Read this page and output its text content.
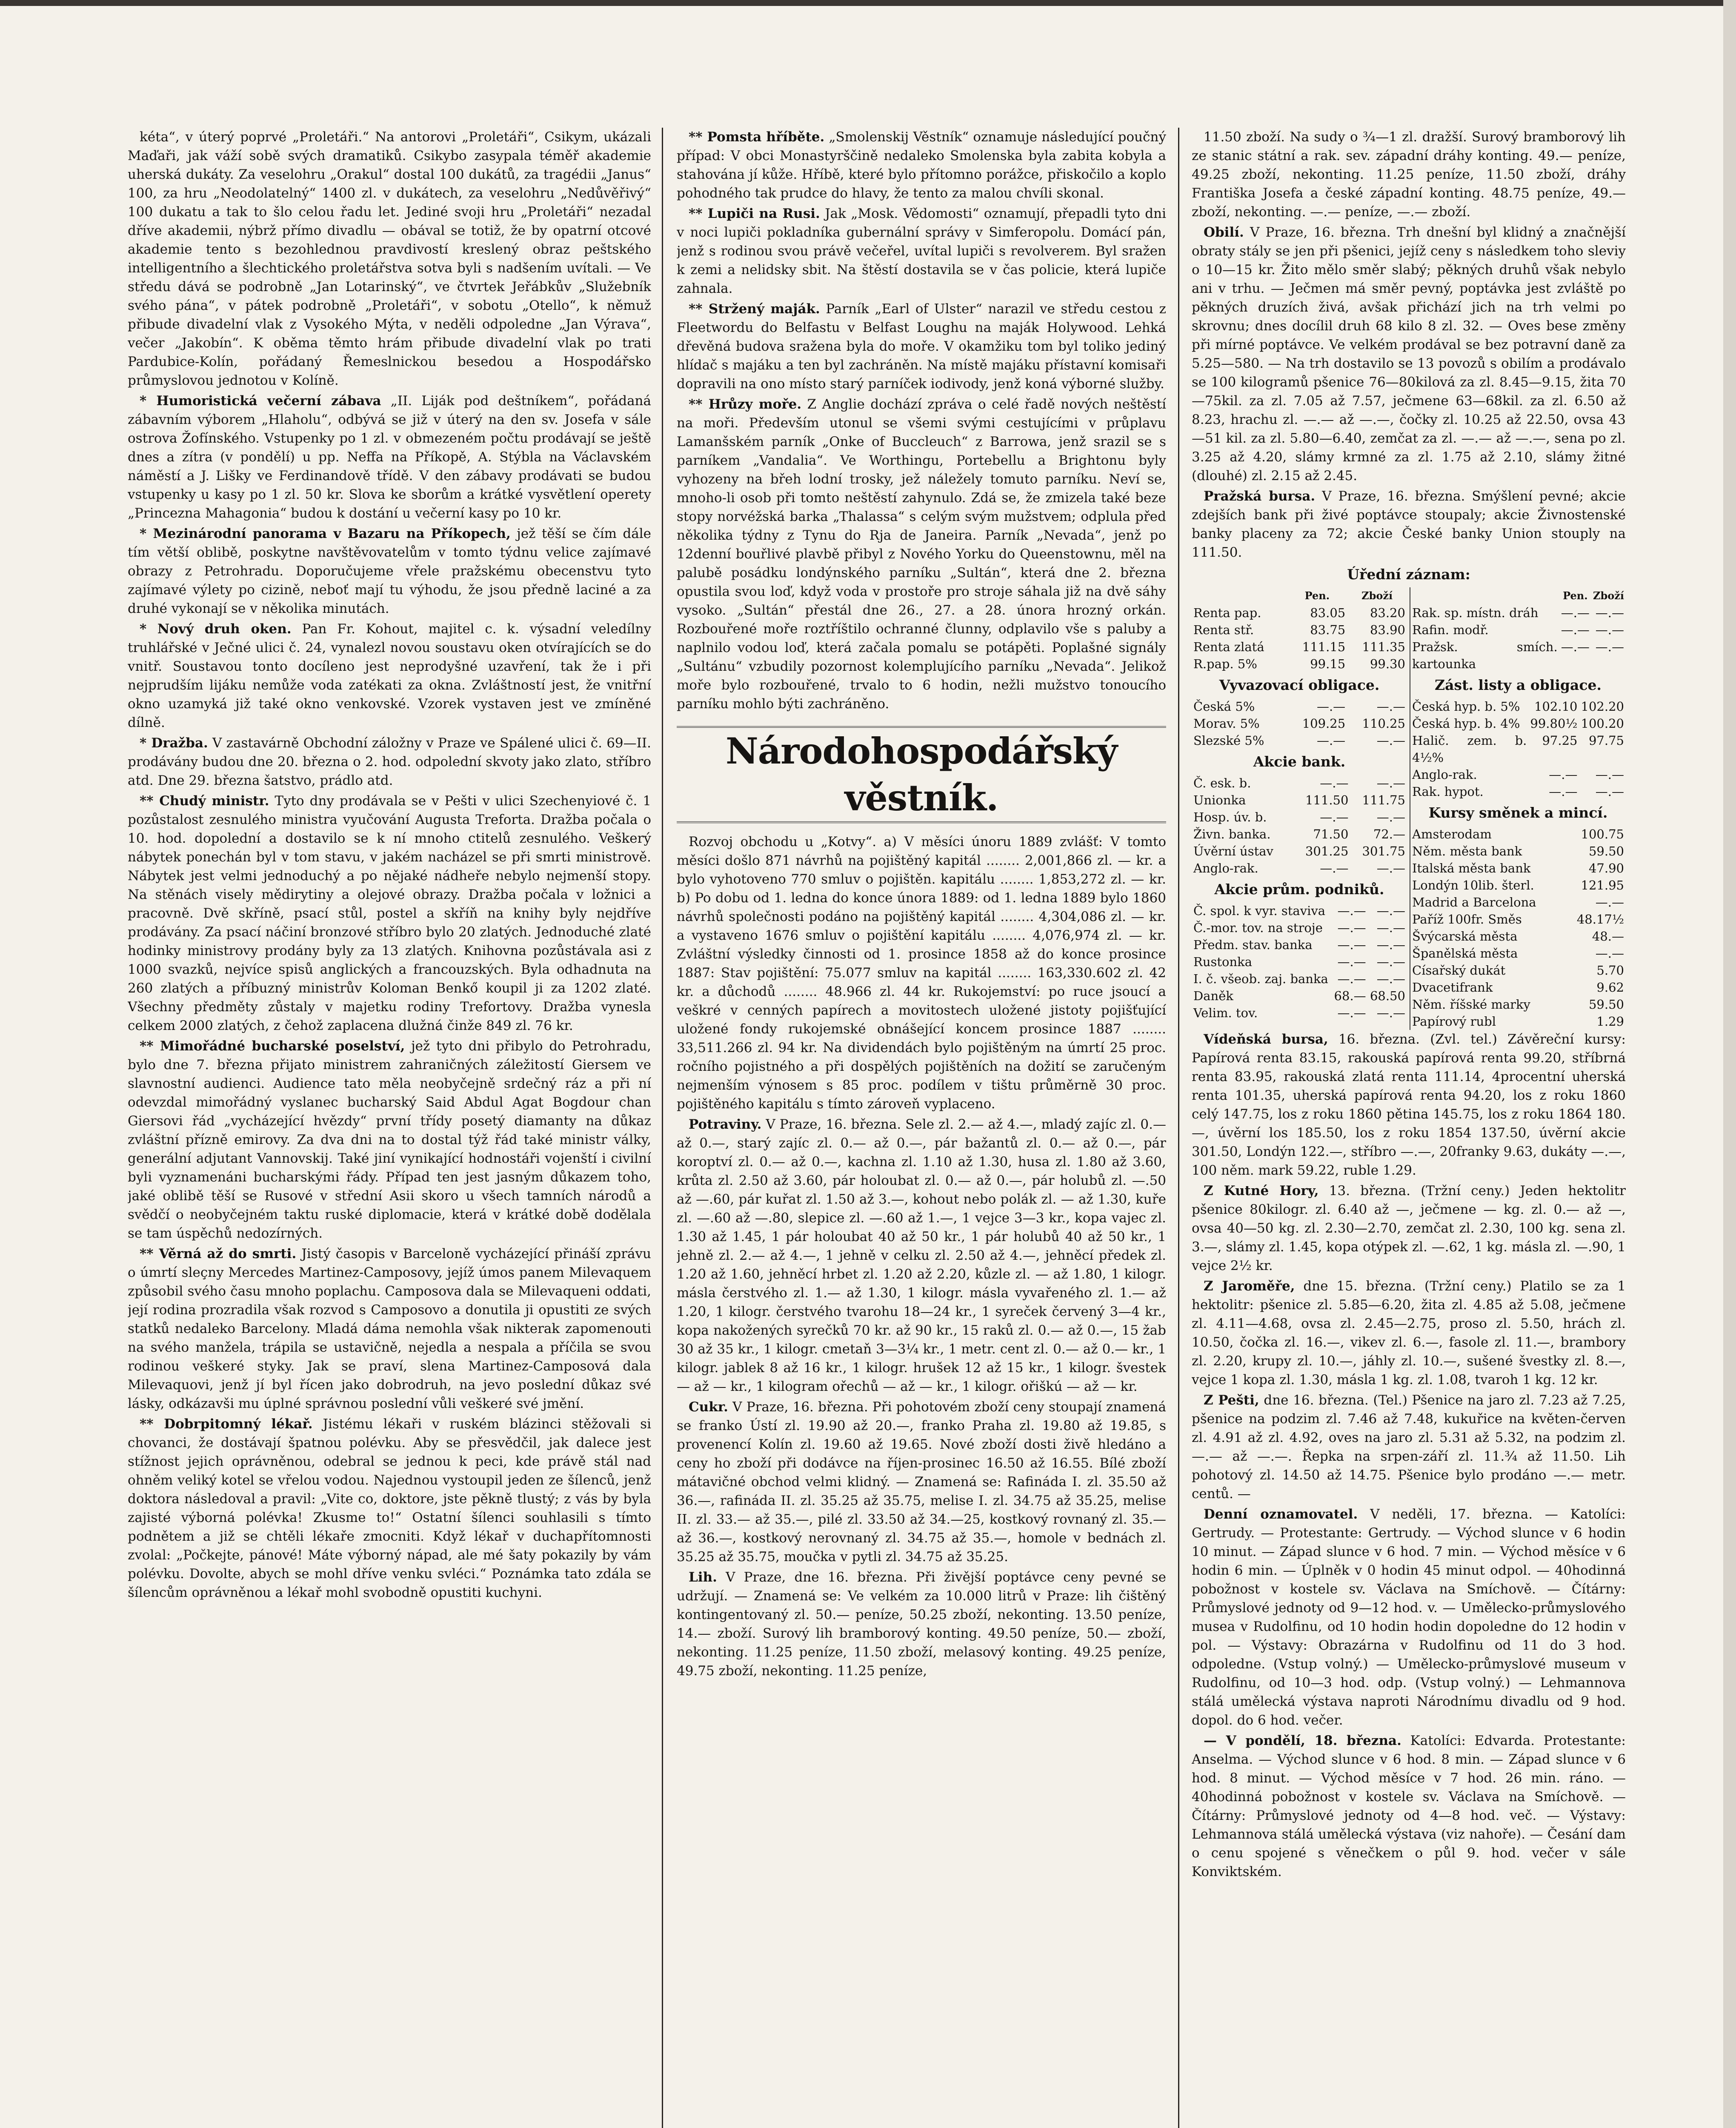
kéta“, v úterý poprvé „Proletáři.“ Na antorovi „Proletáři“, Csikym, ukázali Maďaři, jak váží sobě svých dramatiků. Csikybo zasypala téměř akademie uherská dukáty. Za veselohru „Orakul“ dostal 100 dukátů, za tragédii „Janus“ 100, za hru „Neodolatelný“ 1400 zl. v dukátech, za veselohru „Nedůvěřivý“ 100 dukatu a tak to šlo celou řadu let. Jediné svoji hru „Proletáři“ nezadal dříve akademii, nýbrž přímo divadlu — obával se totiž, že by opatrní otcové akademie tento s bezohlednou pravdivostí kreslený obraz peštského intelligentního a šlechtického proletářstva sotva byli s nadšením uvítali. — Ve středu dává se podrobně „Jan Lotarinský“, ve čtvrtek Jeřábkův „Služebník svého pána“, v pátek podrobně „Proletáři“, v sobotu „Otello“, k němuž přibude divadelní vlak z Vysokého Mýta, v neděli odpoledne „Jan Výrava“, večer „Jakobín“. K oběma těmto hrám přibude divadelní vlak po trati Pardubice-Kolín, pořádaný Řemeslnickou besedou a Hospodářsko průmyslovou jednotou v Kolíně.

* Humoristická večerní zábava „II. Liják pod deštníkem“, pořádaná zábavním výborem „Hlaholu“, odbývá se již v úterý na den sv. Josefa v sále ostrova Žofínského. Vstupenky po 1 zl. v obmezeném počtu prodávají se ještě dnes a zítra (v pondělí) u pp. Neffa na Příkopě, A. Stýbla na Václavském náměstí a J. Lišky ve Ferdinandově třídě. V den zábavy prodávati se budou vstupenky u kasy po 1 zl. 50 kr. Slova ke sborům a krátké vysvětlení operety „Princezna Mahagonia“ budou k dostání u večerní kasy po 10 kr.

* Mezinárodní panorama v Bazaru na Příkopech, jež těší se čím dále tím větší oblibě, poskytne navštěvovatelům v tomto týdnu velice zajímavé obrazy z Petrohradu. Doporučujeme vřele pražskému obecenstvu tyto zajímavé výlety po cizině, neboť mají tu výhodu, že jsou předně laciné a za druhé vykonají se v několika minutách.

* Nový druh oken. Pan Fr. Kohout, majitel c. k. výsadní veledílny truhlářské v Ječné ulici č. 24, vynalezl novou soustavu oken otvírajících se do vnitř. Soustavou tonto docíleno jest neprodyšné uzavření, tak že i při nejprudším lijáku nemůže voda zatékati za okna. Zvláštností jest, že vnitřní okno uzamyká již také okno venkovské. Vzorek vystaven jest ve zmíněné dílně.

* Dražba. V zastavárně Obchodní záložny v Praze ve Spálené ulici č. 69—II. prodávány budou dne 20. března o 2. hod. odpolední skvoty jako zlato, stříbro atd. Dne 29. března šatstvo, prádlo atd.

** Chudý ministr. Tyto dny prodávala se v Pešti v ulici Szechenyiové č. 1 pozůstalost zesnulého ministra vyučování Augusta Treforta. Dražba počala o 10. hod. dopolední a dostavilo se k ní mnoho ctitelů zesnulého. Veškerý nábytek ponechán byl v tom stavu, v jakém nacházel se při smrti ministrově. Nábytek jest velmi jednoduchý a po nějaké nádheře nebylo nejmenší stopy. Na stěnách visely mědirytiny a olejové obrazy. Dražba počala v ložnici a pracovně. Dvě skříně, psací stůl, postel a skříň na knihy byly nejdříve prodávány. Za psací náčiní bronzové stříbro bylo 20 zlatých. Jednoduché zlaté hodinky ministrovy prodány byly za 13 zlatých. Knihovna pozůstávala asi z 1000 svazků, nejvíce spisů anglických a francouzských. Byla odhadnuta na 260 zlatých a příbuzný ministrův Koloman Benkő koupil ji za 1202 zlaté. Všechny předměty zůstaly v majetku rodiny Trefortovy. Dražba vynesla celkem 2000 zlatých, z čehož zaplacena dlužná činže 849 zl. 76 kr.

** Mimořádné bucharské poselství, jež tyto dni přibylo do Petrohradu, bylo dne 7. března přijato ministrem zahraničných záležitostí Giersem ve slavnostní audienci. Audience tato měla neobyčejně srdečný ráz a při ní odevzdal mimořádný vyslanec bucharský Said Abdul Agat Bogdour chan Giersovi řád „vycházející hvězdy“ první třídy posetý diamanty na důkaz zvláštní přízně emirovy. Za dva dni na to dostal týž řád také ministr války, generální adjutant Vannovskij. Také jiní vynikající hodnostáři vojenští i civilní byli vyznamenáni bucharskými řády. Případ ten jest jasným důkazem toho, jaké oblibě těší se Rusové v střední Asii skoro u všech tamních národů a svědčí o neobyčejném taktu ruské diplomacie, která v krátké době dodělala se tam úspěchů nedozírných.

** Věrná až do smrti. Jistý časopis v Barceloně vycházející přináší zprávu o úmrtí sleçny Mercedes Martinez-Camposovy, jejíž úmos panem Milevaquem způsobil svého času mnoho poplachu. Camposova dala se Milevaqueni oddati, její rodina prozradila však rozvod s Camposovo a donutila ji opustiti ze svých statků nedaleko Barcelony. Mladá dáma nemohla však nikterak zapomenouti na svého manžela, trápila se ustavičně, nejedla a nespala a příčila se svou rodinou veškeré styky. Jak se praví, slena Martinez-Camposová dala Milevaquovi, jenž jí byl řícen jako dobrodruh, na jevo poslední důkaz své lásky, odkázavši mu úplné správnou poslední vůli veškeré své jmění.

** Dobrpitomný lékař. Jistému lékaři v ruském blázinci stěžovali si chovanci, že dostávají špatnou polévku. Aby se přesvědčil, jak dalece jest stížnost jejich oprávněnou, odebral se jednou k peci, kde právě stál nad ohněm veliký kotel se vřelou vodou. Najednou vystoupil jeden ze šílenců, jenž doktora následoval a pravil: „Vite co, doktore, jste pěkně tlustý; z vás by byla zajisté výborná polévka! Zkusme to!“ Ostatní šílenci souhlasili s tímto podnětem a již se chtěli lékaře zmocniti. Když lékař v duchapřítomnosti zvolal: „Počkejte, pánové! Máte výborný nápad, ale mé šaty pokazily by vám polévku. Dovolte, abych se mohl dříve venku svléci.“ Poznámka tato zdála se šílencům oprávněnou a lékař mohl svobodně opustiti kuchyni.

** Pomsta hříběte. „Smolenskij Věstník“ oznamuje následující poučný případ: V obci Monastyrščině nedaleko Smolenska byla zabita kobyla a stahována jí kůže. Hříbě, které bylo přítomno porážce, přiskočilo a koplo pohodného tak prudce do hlavy, že tento za malou chvíli skonal.

** Lupiči na Rusi. Jak „Mosk. Vědomosti“ oznamují, přepadli tyto dni v noci lupiči pokladníka gubernální správy v Simferopolu. Domácí pán, jenž s rodinou svou právě večeřel, uvítal lupiči s revolverem. Byl sražen k zemi a nelidsky sbit. Na štěstí dostavila se v čas policie, která lupiče zahnala.

** Stržený maják. Parník „Earl of Ulster“ narazil ve středu cestou z Fleetwordu do Belfastu v Belfast Loughu na maják Holywood. Lehká dřevěná budova sražena byla do moře. V okamžiku tom byl toliko jediný hlídač s majáku a ten byl zachráněn. Na místě majáku přístavní komisaři dopravili na ono místo starý parníček iodivody, jenž koná výborné služby.

** Hrůzy moře. Z Anglie dochází zpráva o celé řadě nových neštěstí na moři. Především utonul se všemi svými cestujícími v průplavu Lamanšském parník „Onke of Buccleuch“ z Barrowa, jenž srazil se s parníkem „Vandalia“. Ve Worthingu, Portebellu a Brightonu byly vyhozeny na břeh lodní trosky, jež náležely tomuto parníku. Neví se, mnoho-li osob při tomto neštěstí zahynulo. Zdá se, že zmizela také beze stopy norvéžská barka „Thalassa“ s celým svým mužstvem; odplula před několika týdny z Tynu do Rja de Janeira. Parník „Nevada“, jenž po 12denní bouřlivé plavbě přibyl z Nového Yorku do Queenstownu, měl na palubě posádku londýnského parníku „Sultán“, která dne 2. března opustila svou loď, když voda v prostoře pro stroje sáhala již na dvě sáhy vysoko. „Sultán“ přestál dne 26., 27. a 28. února hrozný orkán. Rozbouřené moře roztříštilo ochranné člunny, odplavilo vše s paluby a naplnilo vodou loď, která začala pomalu se potápěti. Poplašné signály „Sultánu“ vzbudily pozornost kolemplujícího parníku „Nevada“. Jelikož moře bylo rozbouřené, trvalo to 6 hodin, nežli mužstvo tonoucího parníku mohlo býti zachráněno.

Národohospodářský věstník.

Rozvoj obchodu u „Kotvy“. a) V měsíci únoru 1889 zvlášť: V tomto měsíci došlo 871 návrhů na pojištěný kapitál ........ 2,001,866 zl. — kr. a bylo vyhotoveno 770 smluv o pojištěn. kapitálu ........ 1,853,272 zl. — kr. b) Po dobu od 1. ledna do konce února 1889: od 1. ledna 1889 bylo 1860 návrhů společnosti podáno na pojištěný kapitál ........ 4,304,086 zl. — kr. a vystaveno 1676 smluv o pojištění kapitálu ........ 4,076,974 zl. — kr. Zvláštní výsledky činnosti od 1. prosince 1858 až do konce prosince 1887: Stav pojištění: 75.077 smluv na kapitál ........ 163,330.602 zl. 42 kr. a důchodů ........ 48.966 zl. 44 kr. Rukojemství: po ruce jsoucí a veškré v cenných papírech a movitostech uložené jistoty pojišťující uložené fondy rukojemské obnášející koncem prosince 1887 ........ 33,511.266 zl. 94 kr. Na dividendách bylo pojištěným na úmrtí 25 proc. ročního pojistného a při dospělých pojištěních na dožití se zaručeným nejmenším výnosem s 85 proc. podílem v tištu průměrně 30 proc. pojištěného kapitálu s tímto zároveň vyplaceno.

Potraviny. V Praze, 16. března. Sele zl. 2.— až 4.—, mladý zajíc zl. 0.— až 0.—, starý zajíc zl. 0.— až 0.—, pár bažantů zl. 0.— až 0.—, pár koroptví zl. 0.— až 0.—, kachna zl. 1.10 až 1.30, husa zl. 1.80 až 3.60, krůta zl. 2.50 až 3.60, pár holoubat zl. 0.— až 0.—, pár holubů zl. —.50 až —.60, pár kuřat zl. 1.50 až 3.—, kohout nebo polák zl. — až 1.30, kuře zl. —.60 až —.80, slepice zl. —.60 až 1.—, 1 vejce 3—3 kr., kopa vajec zl. 1.30 až 1.45, 1 pár holoubat 40 až 50 kr., 1 pár holubů 40 až 50 kr., 1 jehně zl. 2.— až 4.—, 1 jehně v celku zl. 2.50 až 4.—, jehněcí předek zl. 1.20 až 1.60, jehněcí hrbet zl. 1.20 až 2.20, kůzle zl. — až 1.80, 1 kilogr. másla čerstvého zl. 1.— až 1.30, 1 kilogr. másla vyvařeného zl. 1.— až 1.20, 1 kilogr. čerstvého tvarohu 18—24 kr., 1 syreček červený 3—4 kr., kopa nakožených syrečků 70 kr. až 90 kr., 15 raků zl. 0.— až 0.—, 15 žab 30 až 35 kr., 1 kilogr. cmetaň 3—3¼ kr., 1 metr. cent zl. 0.— až 0.— kr., 1 kilogr. jablek 8 až 16 kr., 1 kilogr. hrušek 12 až 15 kr., 1 kilogr. švestek — až — kr., 1 kilogram ořechů — až — kr., 1 kilogr. ořiškú — až — kr.

Cukr. V Praze, 16. března. Při pohotovém zboží ceny stoupají znamená se franko Ústí zl. 19.90 až 20.—, franko Praha zl. 19.80 až 19.85, s provenencí Kolín zl. 19.60 až 19.65. Nové zboží dosti živě hledáno a ceny ho zboží při dodávce na říjen-prosinec 16.50 až 16.55. Bílé zboží mátavičné obchod velmi klidný. — Znamená se: Rafináda I. zl. 35.50 až 36.—, rafináda II. zl. 35.25 až 35.75, melise I. zl. 34.75 až 35.25, melise II. zl. 33.— až 35.—, pilé zl. 33.50 až 34.—25, kostkový rovnaný zl. 35.— až 36.—, kostkový nerovnaný zl. 34.75 až 35.—, homole v bednách zl. 35.25 až 35.75, moučka v pytli zl. 34.75 až 35.25.

Lih. V Praze, dne 16. března. Při živější poptávce ceny pevné se udržují. — Znamená se: Ve velkém za 10.000 litrů v Praze: lih čištěný kontingentovaný zl. 50.— peníze, 50.25 zboží, nekonting. 13.50 peníze, 14.— zboží. Surový lih bramborový konting. 49.50 peníze, 50.— zboží, nekonting. 11.25 peníze, 11.50 zboží, melasový konting. 49.25 peníze, 49.75 zboží, nekonting. 11.25 peníze,

11.50 zboží. Na sudy o ¾—1 zl. dražší. Surový bramborový lih ze stanic státní a rak. sev. západní dráhy konting. 49.— peníze, 49.25 zboží, nekonting. 11.25 peníze, 11.50 zboží, dráhy Františka Josefa a české západní konting. 48.75 peníze, 49.— zboží, nekonting. —.— peníze, —.— zboží.

Obilí. V Praze, 16. března. Trh dnešní byl klidný a značnější obraty stály se jen při pšenici, jejíž ceny s následkem toho sleviy o 10—15 kr. Žito mělo směr slabý; pěkných druhů však nebylo ani v trhu. — Ječmen má směr pevný, poptávka jest zvláště po pěkných druzích živá, avšak přichází jich na trh velmi po skrovnu; dnes docílil druh 68 kilo 8 zl. 32. — Oves bese změny při mírné poptávce. Ve velkém prodával se bez potravní daně za 5.25—580. — Na trh dostavilo se 13 povozů s obilím a prodávalo se 100 kilogramů pšenice 76—80kilová za zl. 8.45—9.15, žita 70—75kil. za zl. 7.05 až 7.57, ječmene 63—68kil. za zl. 6.50 až 8.23, hrachu zl. —.— až —.—, čočky zl. 10.25 až 22.50, ovsa 43—51 kil. za zl. 5.80—6.40, zemčat za zl. —.— až —.—, sena po zl. 3.25 až 4.20, slámy krmné za zl. 1.75 až 2.10, slámy žitné (dlouhé) zl. 2.15 až 2.45.

Pražská bursa. V Praze, 16. března. Smýšlení pevné; akcie zdejších bank při živé poptávce stoupaly; akcie Živnostenské banky placeny za 72; akcie České banky Union stouply na 111.50.

Úřední záznam:
	Pen.	Zboží
Renta pap.	83.05	83.20
Renta stř.	83.75	83.90
Renta zlatá	111.15	111.35
R.pap. 5%	99.15	99.30
Vyvazovací obligace.
Česká 5%	—.—	—.—
Morav. 5%	109.25	110.25
Slezské 5%	—.—	—.—
Akcie bank.
Č. esk. b.	—.—	—.—
Unionka	111.50	111.75
Hosp. úv. b.	—.—	—.—
Živn. banka.	71.50	72.—
Úvěrní ústav	301.25	301.75
Anglo-rak.	—.—	—.—
Akcie prům. podniků.
Č. spol. k vyr. staviva	—.—	—.—
Č.-mor. tov. na stroje	—.—	—.—
Předm. stav. banka	—.—	—.—
Rustonka	—.—	—.—
I. č. všeob. zaj. banka	—.—	—.—
Daněk	68.—	68.50
Velim. tov.	—.—	—.—
	Pen.	Zboží
Rak. sp. místn. dráh	—.—	—.—
Rafin. modř.	—.—	—.—
Pražsk. smích. kartounka	—.—	—.—
Zást. listy a obligace.
Česká hyp. b. 5%	102.10	102.20
Česká hyp. b. 4%	99.80½	100.20
Halič. zem. b. 4½%	97.25	97.75
Anglo-rak.	—.—	—.—
Rak. hypot.	—.—	—.—
Kursy směnek a mincí.
Amsterodam	100.75
Něm. města bank	59.50
Italská města bank	47.90
Londýn 10lib. šterl.	121.95
Madrid a Barcelona	—.—
Paříž 100fr. Směs	48.17½
Švýcarská města	48.—
Španělská města	—.—
Císařský dukát	5.70
Dvacetifrank	9.62
Něm. říšské marky	59.50
Papírový rubl	1.29

Vídeňská bursa, 16. března. (Zvl. tel.) Závěreční kursy: Papírová renta 83.15, rakouská papírová renta 99.20, stříbrná renta 83.95, rakouská zlatá renta 111.14, 4procentní uherská renta 101.35, uherská papírová renta 94.20, los z roku 1860 celý 147.75, los z roku 1860 pětina 145.75, los z roku 1864 180.—, úvěrní los 185.50, los z roku 1854 137.50, úvěrní akcie 301.50, Londýn 122.—, stříbro —.—, 20franky 9.63, dukáty —.—, 100 něm. mark 59.22, ruble 1.29.

Z Kutné Hory, 13. března. (Tržní ceny.) Jeden hektolitr pšenice 80kilogr. zl. 6.40 až —, ječmene — kg. zl. 0.— až —, ovsa 40—50 kg. zl. 2.30—2.70, zemčat zl. 2.30, 100 kg. sena zl. 3.—, slámy zl. 1.45, kopa otýpek zl. —.62, 1 kg. másla zl. —.90, 1 vejce 2½ kr.

Z Jaroměře, dne 15. března. (Tržní ceny.) Platilo se za 1 hektolitr: pšenice zl. 5.85—6.20, žita zl. 4.85 až 5.08, ječmene zl. 4.11—4.68, ovsa zl. 2.45—2.75, proso zl. 5.50, hrách zl. 10.50, čočka zl. 16.—, vikev zl. 6.—, fasole zl. 11.—, brambory zl. 2.20, krupy zl. 10.—, jáhly zl. 10.—, sušené švestky zl. 8.—, vejce 1 kopa zl. 1.30, másla 1 kg. zl. 1.08, tvaroh 1 kg. 12 kr.

Z Pešti, dne 16. března. (Tel.) Pšenice na jaro zl. 7.23 až 7.25, pšenice na podzim zl. 7.46 až 7.48, kukuřice na květen-červen zl. 4.91 až zl. 4.92, oves na jaro zl. 5.31 až 5.32, na podzim zl. —.— až —.—. Řepka na srpen-září zl. 11.¾ až 11.50. Lih pohotový zl. 14.50 až 14.75. Pšenice bylo prodáno —.— metr. centů. —

Denní oznamovatel. V neděli, 17. března. — Katolíci: Gertrudy. — Protestante: Gertrudy. — Východ slunce v 6 hodin 10 minut. — Západ slunce v 6 hod. 7 min. — Východ měsíce v 6 hodin 6 min. — Úplněk v 0 hodin 45 minut odpol. — 40hodinná pobožnost v kostele sv. Václava na Smíchově. — Čítárny: Průmyslové jednoty od 9—12 hod. v. — Umělecko-průmyslového musea v Rudolfinu, od 10 hodin hodin dopoledne do 12 hodin v pol. — Výstavy: Obrazárna v Rudolfinu od 11 do 3 hod. odpoledne. (Vstup volný.) — Umělecko-průmyslové museum v Rudolfinu, od 10—3 hod. odp. (Vstup volný.) — Lehmannova stálá umělecká výstava naproti Národnímu divadlu od 9 hod. dopol. do 6 hod. večer.

— V pondělí, 18. března. Katolíci: Edvarda. Protestante: Anselma. — Východ slunce v 6 hod. 8 min. — Západ slunce v 6 hod. 8 minut. — Východ měsíce v 7 hod. 26 min. ráno. — 40hodinná pobožnost v kostele sv. Václava na Smíchově. — Čítárny: Průmyslové jednoty od 4—8 hod. več. — Výstavy: Lehmannova stálá umělecká výstava (viz nahoře). — Česání dam o cenu spojené s věnečkem o půl 9. hod. večer v sále Konviktském.
